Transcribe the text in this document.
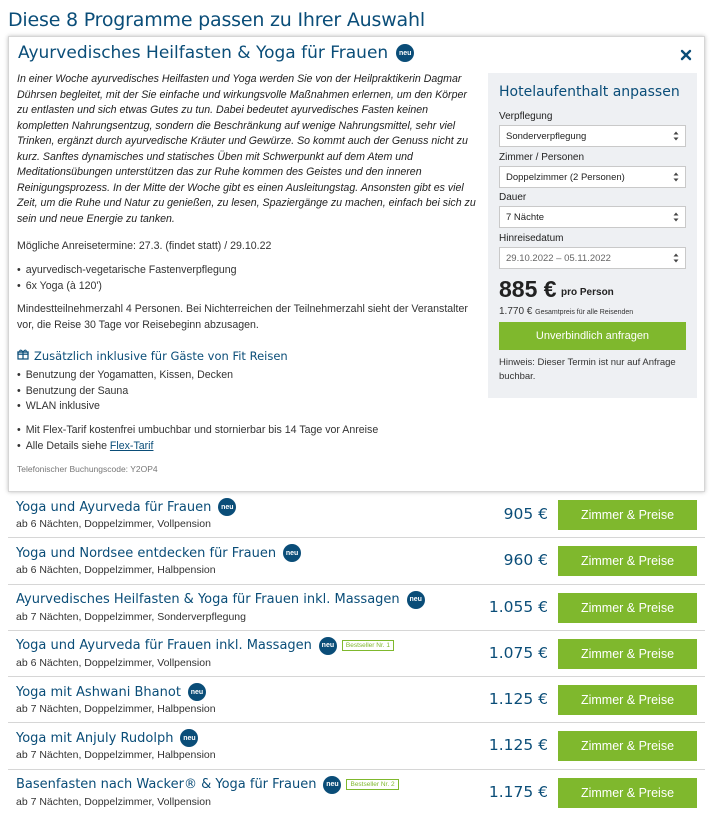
Diese 8 Programme passen zu Ihrer Auswahl
Ayurvedisches Heilfasten & Yoga für Frauen	neu

In einer Woche ayurvedisches Heilfasten und Yoga werden Sie von der Heilpraktikerin Dagmar Dührsen begleitet, mit der Sie einfache und wirkungsvolle Maßnahmen erlernen, um den Körper zu entlasten und sich etwas Gutes zu tun. Dabei bedeutet ayurvedisches Fasten keinen kompletten Nahrungsentzug, sondern die Beschränkung auf wenige Nahrungsmittel, sehr viel Trinken, ergänzt durch ayurvedische Kräuter und Gewürze. So kommt auch der Genuss nicht zu kurz. Sanftes dynamisches und statisches Üben mit Schwerpunkt auf dem Atem und Meditationsübungen unterstützen das zur Ruhe kommen des Geistes und den inneren Reinigungsprozess. In der Mitte der Woche gibt es einen Ausleitungstag. Ansonsten gibt es viel Zeit, um die Ruhe und Natur zu genießen, zu lesen, Spaziergänge zu machen, einfach bei sich zu sein und neue Energie zu tanken.

Mögliche Anreisetermine: 27.3. (findet statt) / 29.10.22

• ayurvedisch-vegetarische Fastenverpflegung
• 6x Yoga (à 120')

Mindestteilnehmerzahl 4 Personen. Bei Nichterreichen der Teilnehmerzahl sieht der Veranstalter vor, die Reise 30 Tage vor Reisebeginn abzusagen.

Zusätzlich inklusive für Gäste von Fit Reisen
• Benutzung der Yogamatten, Kissen, Decken
• Benutzung der Sauna
• WLAN inklusive
• Mit Flex-Tarif kostenfrei umbuchbar und stornierbar bis 14 Tage vor Anreise
• Alle Details siehe Flex-Tarif

Telefonischer Buchungscode: Y2OP4

Hotelaufenthalt anpassen
Verpflegung
Sonderverpflegung
Zimmer / Personen
Doppelzimmer (2 Personen)
Dauer
7 Nächte
Hinreisedatum
29.10.2022 – 05.11.2022
885 € pro Person
1.770 € Gesamtpreis für alle Reisenden
Unverbindlich anfragen
Hinweis: Dieser Termin ist nur auf Anfrage buchbar.
Yoga und Ayurveda für Frauen	neu
ab 6 Nächten, Doppelzimmer, Vollpension
905 €	Zimmer & Preise
Yoga und Nordsee entdecken für Frauen	neu
ab 6 Nächten, Doppelzimmer, Halbpension
960 €	Zimmer & Preise
Ayurvedisches Heilfasten & Yoga für Frauen inkl. Massagen	neu
ab 7 Nächten, Doppelzimmer, Sonderverpflegung
1.055 €	Zimmer & Preise
Yoga und Ayurveda für Frauen inkl. Massagen	neu	Bestseller Nr. 1
ab 6 Nächten, Doppelzimmer, Vollpension
1.075 €	Zimmer & Preise
Yoga mit Ashwani Bhanot	neu
ab 7 Nächten, Doppelzimmer, Halbpension
1.125 €	Zimmer & Preise
Yoga mit Anjuly Rudolph	neu
ab 7 Nächten, Doppelzimmer, Halbpension
1.125 €	Zimmer & Preise
Basenfasten nach Wacker® & Yoga für Frauen	neu	Bestseller Nr. 2
ab 7 Nächten, Doppelzimmer, Vollpension
1.175 €	Zimmer & Preise
